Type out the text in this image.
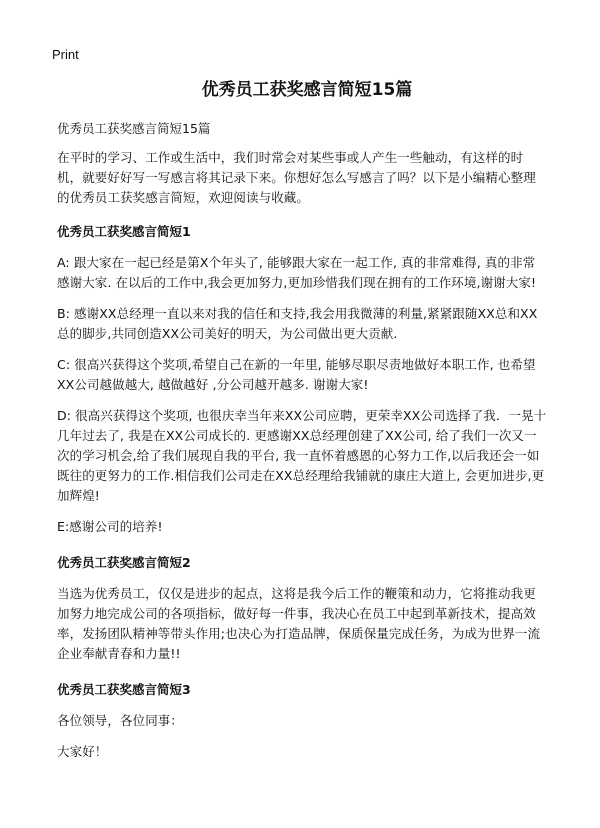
Print
优秀员工获奖感言简短15篇

优秀员工获奖感言简短15篇

在平时的学习、工作或生活中，我们时常会对某些事或人产生一些触动，有这样的时机，就要好好写一写感言将其记录下来。你想好怎么写感言了吗？以下是小编精心整理的优秀员工获奖感言简短，欢迎阅读与收藏。

优秀员工获奖感言简短1

A: 跟大家在一起已经是第X个年头了, 能够跟大家在一起工作, 真的非常难得, 真的非常感谢大家. 在以后的工作中,我会更加努力,更加珍惜我们现在拥有的工作环境,谢谢大家!

B: 感谢XX总经理一直以来对我的信任和支持,我会用我微薄的利量,紧紧跟随XX总和XX总的脚步,共同创造XX公司美好的明天，为公司做出更大贡献.

C: 很高兴获得这个奖项,希望自己在新的一年里, 能够尽职尽责地做好本职工作, 也希望XX公司越做越大, 越做越好 ,分公司越开越多. 谢谢大家!

D: 很高兴获得这个奖项, 也很庆幸当年来XX公司应聘，更荣幸XX公司选择了我．一晃十几年过去了, 我是在XX公司成长的. 更感谢XX总经理创建了XX公司, 给了我们一次又一次的学习机会,给了我们展现自我的平台, 我一直怀着感恩的心努力工作,以后我还会一如既往的更努力的工作.相信我们公司走在XX总经理给我铺就的康庄大道上, 会更加进步,更加辉煌!

E:感谢公司的培养!

优秀员工获奖感言简短2

当选为优秀员工，仅仅是进步的起点，这将是我今后工作的鞭策和动力，它将推动我更加努力地完成公司的各项指标，做好每一件事，我决心在员工中起到革新技术，提高效率，发扬团队精神等带头作用;也决心为打造品牌，保质保量完成任务，为成为世界一流企业奉献青春和力量!!

优秀员工获奖感言简短3

各位领导，各位同事：

大家好！
